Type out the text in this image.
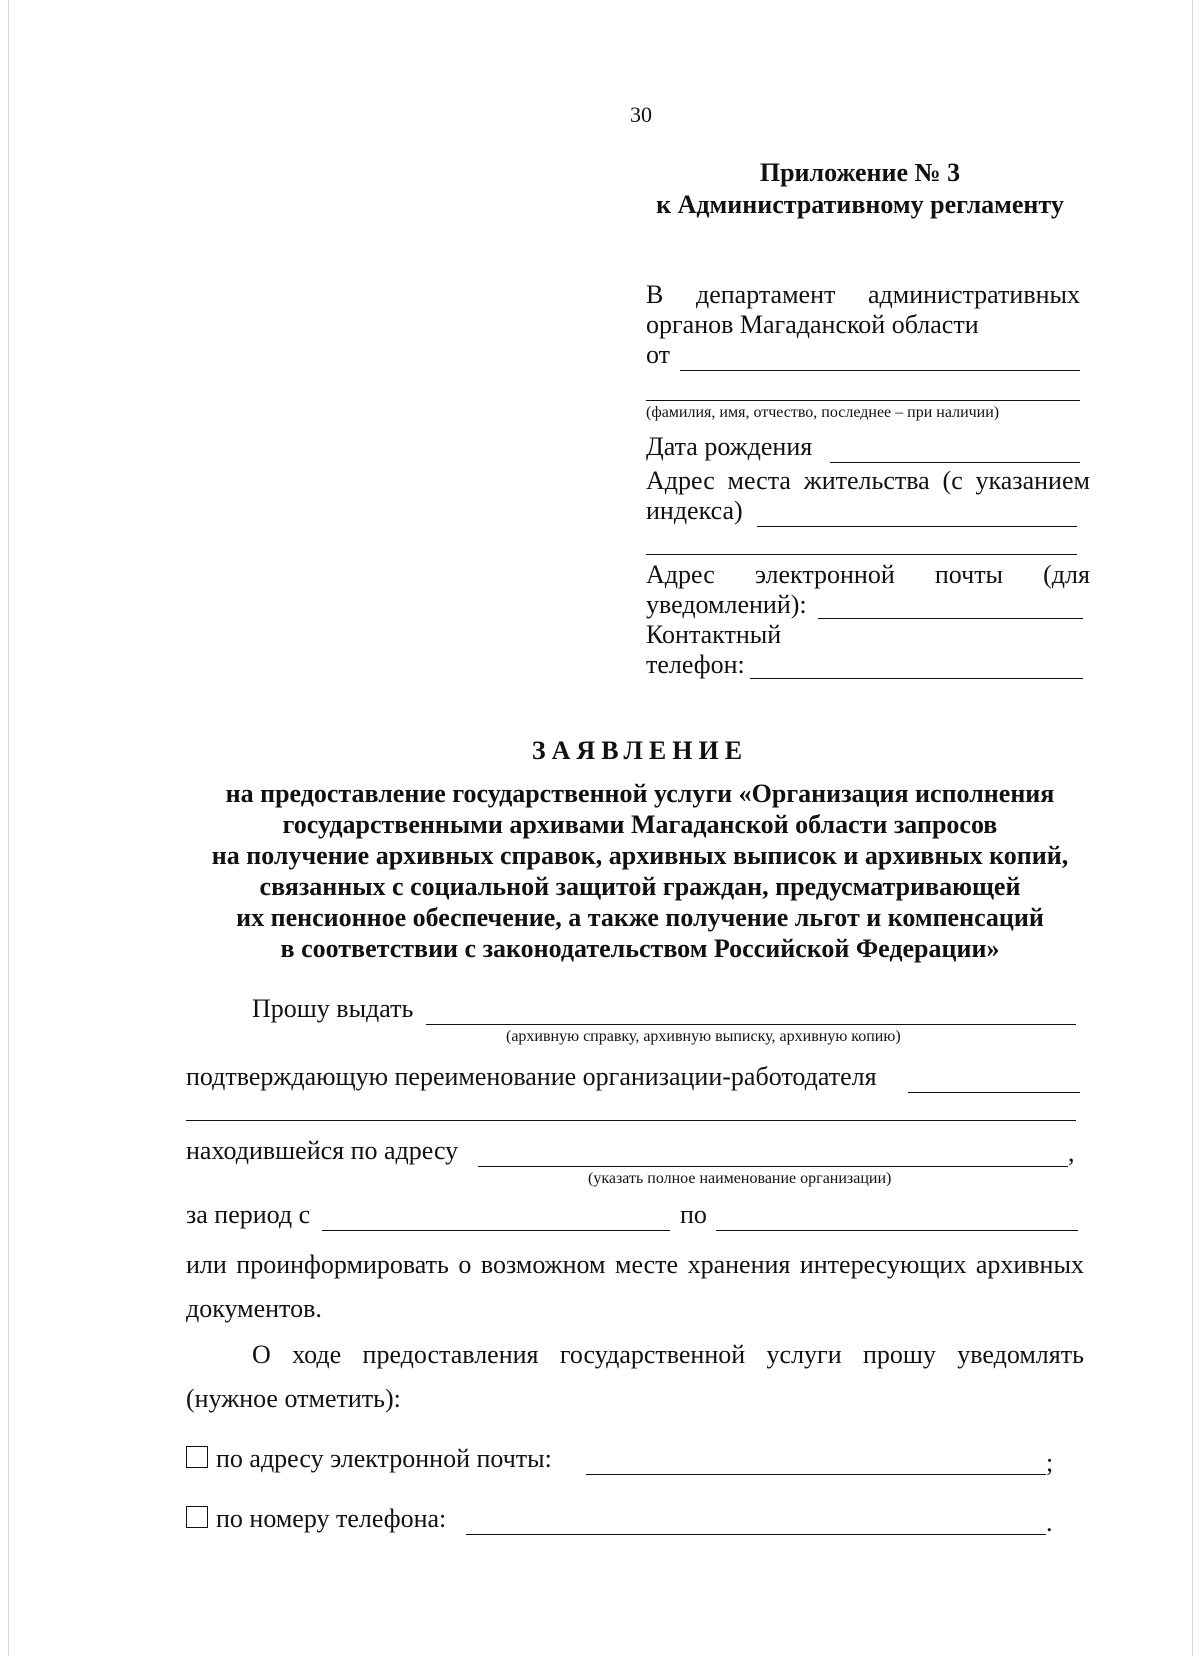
30
Приложение № 3
к Административному регламенту
В департамент административных
органов Магаданской области
от
(фамилия, имя, отчество, последнее – при наличии)
Дата рождения
Адрес места жительства (с указанием
индекса)
Адрес электронной почты (для
уведомлений):
Контактный
телефон:
ЗАЯВЛЕНИЕ
на предоставление государственной услуги «Организация исполнения
государственными архивами Магаданской области запросов
на получение архивных справок, архивных выписок и архивных копий,
связанных с социальной защитой граждан, предусматривающей
их пенсионное обеспечение, а также получение льгот и компенсаций
в соответствии с законодательством Российской Федерации»
Прошу выдать
(архивную справку, архивную выписку, архивную копию)
подтверждающую переименование организации-работодателя
находившейся по адресу	,
(указать полное наименование организации)
за период с	по
или проинформировать о возможном месте хранения интересующих архивных
документов.
О ходе предоставления государственной услуги прошу уведомлять
(нужное отметить):
по адресу электронной почты:	;
по номеру телефона:	.
